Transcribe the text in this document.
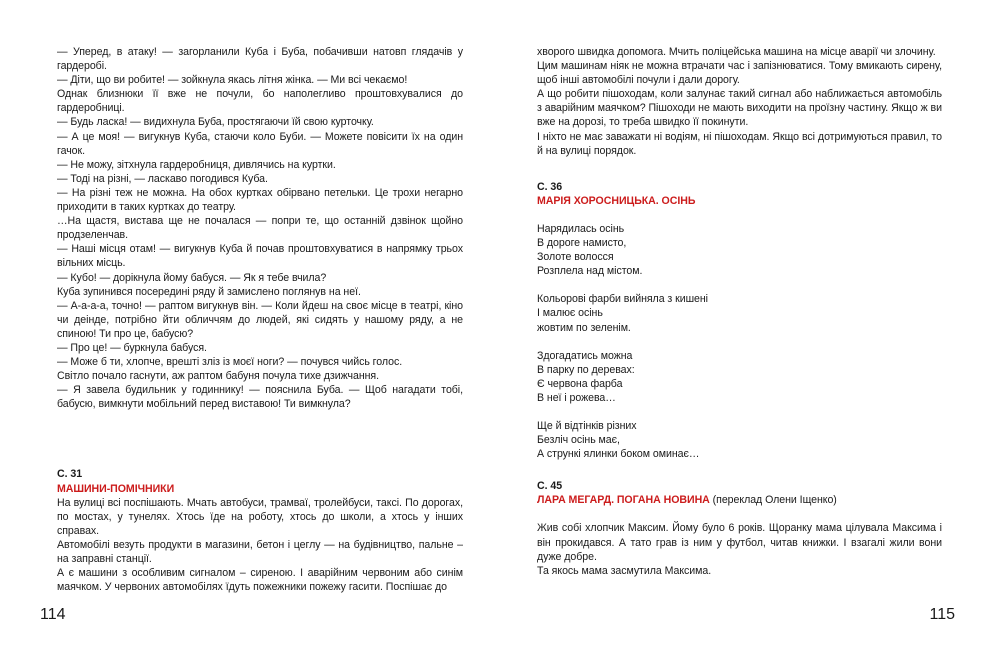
— Уперед, в атаку! — загорланили Куба і Буба, побачивши натовп глядачів у гардеробі.

— Діти, що ви робите! — зойкнула якась літня жінка. — Ми всі чекаємо!

Однак близнюки її вже не почули, бо наполегливо проштовхувалися до гардеробниці.

— Будь ласка! — видихнула Буба, простягаючи їй свою курточку.

— А це моя! — вигукнув Куба, стаючи коло Буби. — Можете повісити їх на один гачок.

— Не можу, зітхнула гардеробниця, дивлячись на куртки.

— Тоді на різні, — ласкаво погодився Куба.

— На різні теж не можна. На обох куртках обірвано петельки. Це трохи негарно приходити в таких куртках до театру.

…На щастя, вистава ще не почалася — попри те, що останній дзвінок щойно продзеленчав.

— Наші місця отам! — вигукнув Куба й почав проштовхуватися в напрямку трьох вільних місць.

— Кубо! — дорікнула йому бабуся. — Як я тебе вчила?

Куба зупинився посередині ряду й замислено поглянув на неї.

— А-а-а-а, точно! — раптом вигукнув він. — Коли йдеш на своє місце в театрі, кіно чи деінде, потрібно йти обличчям до людей, які сидять у нашому ряду, а не спиною! Ти про це, бабусю?

— Про це! — буркнула бабуся.

— Може б ти, хлопче, врешті зліз із моєї ноги? — почувся чийсь голос.

Світло почало гаснути, аж раптом бабуня почула тихе дзижчання.

— Я завела будильник у годиннику! — пояснила Буба. — Щоб нагадати тобі, бабусю, вимкнути мобільний перед виставою! Ти вимкнула?

С. 31

МАШИНИ-ПОМІЧНИКИ

На вулиці всі поспішають. Мчать автобуси, трамваї, тролейбуси, таксі. По дорогах, по мостах, у тунелях. Хтось їде на роботу, хтось до школи, а хтось у інших справах.

Автомобілі везуть продукти в магазини, бетон і цеглу — на будівництво, пальне – на заправні станції.

А є машини з особливим сигналом – сиреною. І аварійним червоним або синім маячком. У червоних автомобілях їдуть пожежники пожежу гасити. Поспішає до

114

хворого швидка допомога. Мчить поліцейська машина на місце аварії чи злочину.

Цим машинам ніяк не можна втрачати час і запізнюватися. Тому вмикають сирену, щоб інші автомобілі почули і дали дорогу.

А що робити пішоходам, коли залунає такий сигнал або наближається автомобіль з аварійним маячком? Пішоходи не мають виходити на проїзну частину. Якщо ж ви вже на дорозі, то треба швидко її покинути.

І ніхто не має заважати ні водіям, ні пішоходам. Якщо всі дотримуються правил, то й на вулиці порядок.

С. 36

МАРІЯ ХОРОСНИЦЬКА. ОСІНЬ

Нарядилась осінь
В дороге намисто,
Золоте волосся
Розплела над містом.
Кольорові фарби вийняла з кишені
І малює осінь
жовтим по зеленім.
Здогадатись можна
В парку по деревах:
Є червона фарба
В неї і рожева…
Ще й відтінків різних
Безліч осінь має,
А стрункі ялинки боком оминає…

С. 45

ЛАРА МЕГАРД. ПОГАНА НОВИНА (переклад Олени Іщенко)

Жив собі хлопчик Максим. Йому було 6 років. Щоранку мама цілувала Максима і він прокидався. А тато грав із ним у футбол, читав книжки. І взагалі жили вони дуже добре.

Та якось мама засмутила Максима.

115
